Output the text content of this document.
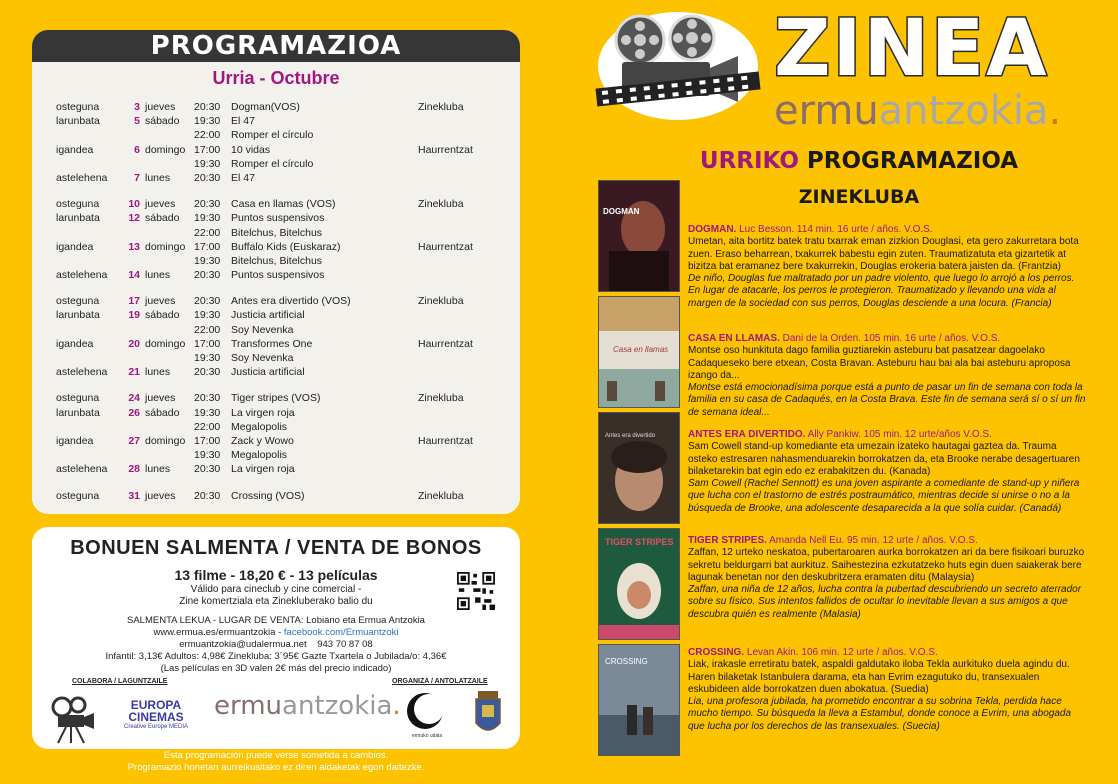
PROGRAMAZIOA
Urria - Octubre
osteguna	3 jueves 20:30 Dogman(VOS)	Zinekluba
larunbata	5 sábado 19:30 El 47
22:00 Romper el círculo
igandea	6 domingo 17:00 10 vidas	Haurrentzat
19:30 Romper el círculo
astelehena	7 lunes 20:30 El 47
osteguna	10 jueves 20:30 Casa en llamas (VOS)	Zinekluba
larunbata	12 sábado 19:30 Puntos suspensivos
22:00 Bitelchus, Bitelchus
igandea	13 domingo 17:00 Buffalo Kids (Euskaraz)	Haurrentzat
19:30 Bitelchus, Bitelchus
astelehena	14 lunes 20:30 Puntos suspensivos
osteguna	17 jueves 20:30 Antes era divertido (VOS)	Zinekluba
larunbata	19 sábado 19:30 Justicia artificial
22:00 Soy Nevenka
igandea	20 domingo 17:00 Transformes One	Haurrentzat
19:30 Soy Nevenka
astelehena	21 lunes 20:30 Justicia artificial
osteguna	24 jueves 20:30 Tiger stripes (VOS)	Zinekluba
larunbata	26 sábado 19:30 La virgen roja
22:00 Megalopolis
igandea	27 domingo 17:00 Zack y Wowo	Haurrentzat
19:30 Megalopolis
astelehena	28 lunes 20:30 La virgen roja
osteguna	31 jueves 20:30 Crossing (VOS)	Zinekluba
BONUEN SALMENTA / VENTA DE BONOS
13 filme - 18,20 € - 13 películas
Válido para cineclub y cine comercial -
Zine komertziala eta Zinekluberako balio du
SALMENTA LEKUA - LUGAR DE VENTA: Lobiano eta Ermua Antzokia
www.ermua.es/ermuantzokia - facebook.com/Ermuantzoki
ermuantzokia@udalermua.net 943 70 87 08
Infantil: 3,13€ Adultos: 4,98€ Zinekluba: 3´95€ Gazte Txartela o Jubilada/o: 4,36€
(Las películas en 3D valen 2€ más del precio indicado)
COLABORA / LAGUNTZAILE	ORGANIZA / ANTOLATZAILE
EUROPA
CINEMAS
Creative Europe MEDIA
ermuantzokia.
ermuko udala
Esta programación puede verse sometida a cambios.
Programazio honetan aurreikusitako ez diren aldaketak egon daitezke.
ZINEA
ermuantzokia.
URRIKO PROGRAMAZIOA
ZINEKLUBA
DOGMAN

DOGMAN. Luc Besson. 114 min. 16 urte / años. V.O.S.

Umetan, aita bortitz batek tratu txarrak eman zizkion Douglasi, eta gero zakurretara bota zuen. Eraso beharrean, txakurrek babestu egin zuten. Traumatizatuta eta gizartetik at bizitza bat eramanez bere txakurrekin, Douglas erokeria batera jaisten da. (Frantzia)

De niño, Douglas fue maltratado por un padre violento, que luego lo arrojó a los perros. En lugar de atacarle, los perros le protegieron. Traumatizado y llevando una vida al margen de la sociedad con sus perros, Douglas desciende a una locura. (Francia)

Casa en llamas

CASA EN LLAMAS. Dani de la Orden. 105 min. 16 urte / años. V.O.S.

Montse oso hunkituta dago familia guztiarekin asteburu bat pasatzear dagoelako Cadaqueseko bere etxean, Costa Bravan. Asteburu hau bai ala bai asteburu aproposa izango da...

Montse está emocionadísima porque está a punto de pasar un fin de semana con toda la familia en su casa de Cadaqués, en la Costa Brava. Este fin de semana será sí o sí un fin de semana ideal...

Antes era divertido	ANTES ERA DIVERTIDO. Ally Pankiw. 105 min. 12 urte/años V.O.S.

Sam Cowell stand-up komediante eta umezain izateko hautagai gaztea da. Trauma osteko estresaren nahasmenduarekin borrokatzen da, eta Brooke nerabe desagertuaren bilaketarekin bat egin edo ez erabakitzen du. (Kanada)

Sam Cowell (Rachel Sennott) es una joven aspirante a comediante de stand-up y niñera que lucha con el trastorno de estrés postraumático, mientras decide si unirse o no a la búsqueda de Brooke, una adolescente desaparecida a la que solía cuidar. (Canadá)

TIGER STRIPES TIGER STRIPES. Amanda Nell Eu. 95 min. 12 urte / años. V.O.S.

Zaffan, 12 urteko neskatoa, pubertaroaren aurka borrokatzen ari da bere fisikoari buruzko sekretu beldurgarri bat aurkituz. Saihestezina ezkutatzeko huts egin duen saiakerak bere lagunak benetan nor den deskubritzera eramaten ditu (Malaysia)

Zaffan, una niña de 12 años, lucha contra la pubertad descubriendo un secreto aterrador sobre su físico. Sus intentos fallidos de ocultar lo inevitable llevan a sus amigos a que descubra quién es realmente (Malasia)

CROSSING

CROSSING. Levan Akin. 106 min. 12 urte / años. V.O.S.

Liak, irakasle erretiratu batek, aspaldi galdutako iloba Tekla aurkituko duela agindu du. Haren bilaketak Istanbulera darama, eta han Evrim ezagutuko du, transexualen eskubideen alde borrokatzen duen abokatua. (Suedia)

Lia, una profesora jubilada, ha prometido encontrar a su sobrina Tekla, perdida hace mucho tiempo. Su búsqueda la lleva a Estambul, donde conoce a Evrim, una abogada que lucha por los derechos de las transexuales. (Suecia)
